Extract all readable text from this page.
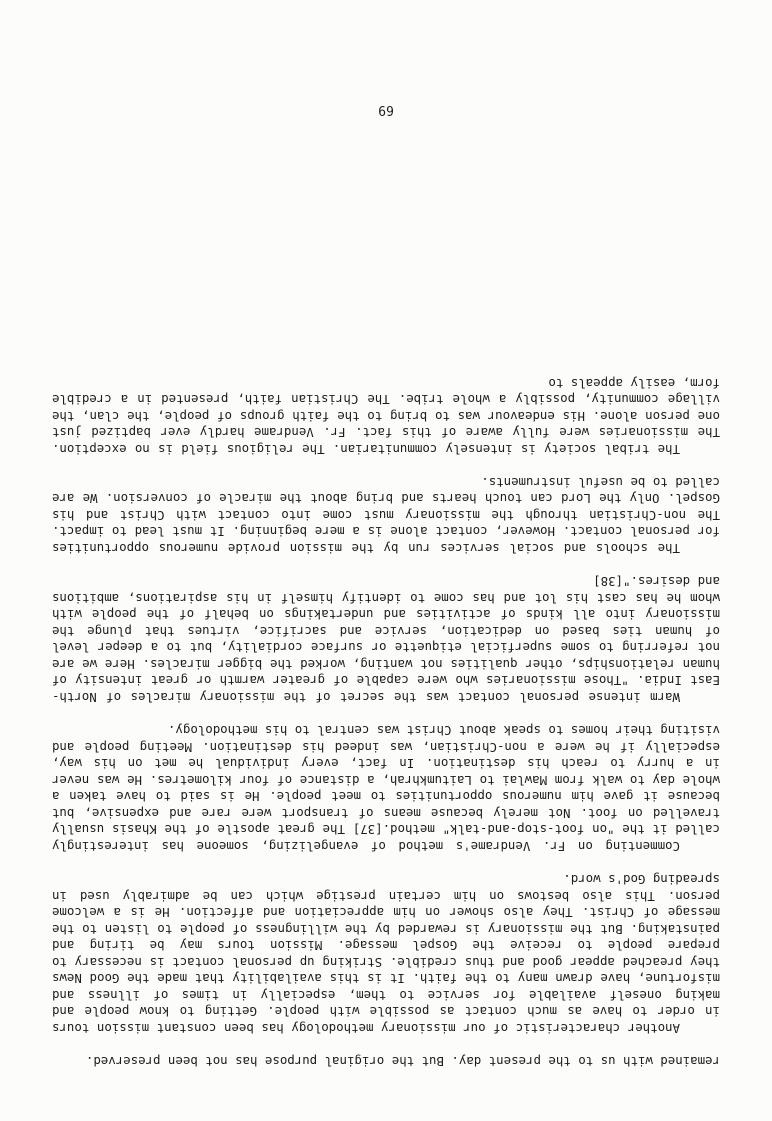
remained with us to the present day. But the original purpose has not been preserved.

Another characteristic of our missionary methodology has been constant mission tours in order to have as much contact as possible with people. Getting to know people and making oneself available for service to them, especially in times of illness and misfortune, have drawn many to the faith. It is this availability that made the Good News they preached appear good and thus credible. Striking up personal contact is necessary to prepare people to receive the Gospel message. Mission tours may be tiring and painstaking. But the missionary is rewarded by the willingness of people to listen to the message of Christ. They also shower on him appreciation and affection. He is a welcome person. This also bestows on him certain prestige which can be admirably used in spreading God's word.

Commenting on Fr. Vendrame's method of evangelizing, someone has interestingly called it the "on foot-stop-and-talk" method.[37] The great apostle of the Khasis usually travelled on foot. Not merely because means of transport were rare and expensive, but because it gave him numerous opportunities to meet people. He is said to have taken a whole day to walk from Mawlai to Laitumkhrah, a distance of four kilometres. He was never in a hurry to reach his destination. In fact, every individual he met on his way, especially if he were a non-Christian, was indeed his destination. Meeting people and visiting their homes to speak about Christ was central to his methodology.

Warm intense personal contact was the secret of the missionary miracles of North-East India. "Those missionaries who were capable of greater warmth or great intensity of human relationships, other qualities not wanting, worked the bigger miracles. Here we are not referring to some superficial etiquette or surface cordiality, but to a deeper level of human ties based on dedication, service and sacrifice, virtues that plunge the missionary into all kinds of activities and undertakings on behalf of the people with whom he has cast his lot and has come to identify himself in his aspirations, ambitions and desires."[38]

The schools and social services run by the mission provide numerous opportunities for personal contact. However, contact alone is a mere beginning. It must lead to impact. The non-Christian through the missionary must come into contact with Christ and his Gospel. Only the Lord can touch hearts and bring about the miracle of conversion. We are called to be useful instruments.

The tribal society is intensely communitarian. The religious field is no exception. The missionaries were fully aware of this fact. Fr. Vendrame hardly ever baptized just one person alone. His endeavour was to bring to the faith groups of people, the clan, the village community, possibly a whole tribe. The Christian faith, presented in a credible form, easily appeals to

69
